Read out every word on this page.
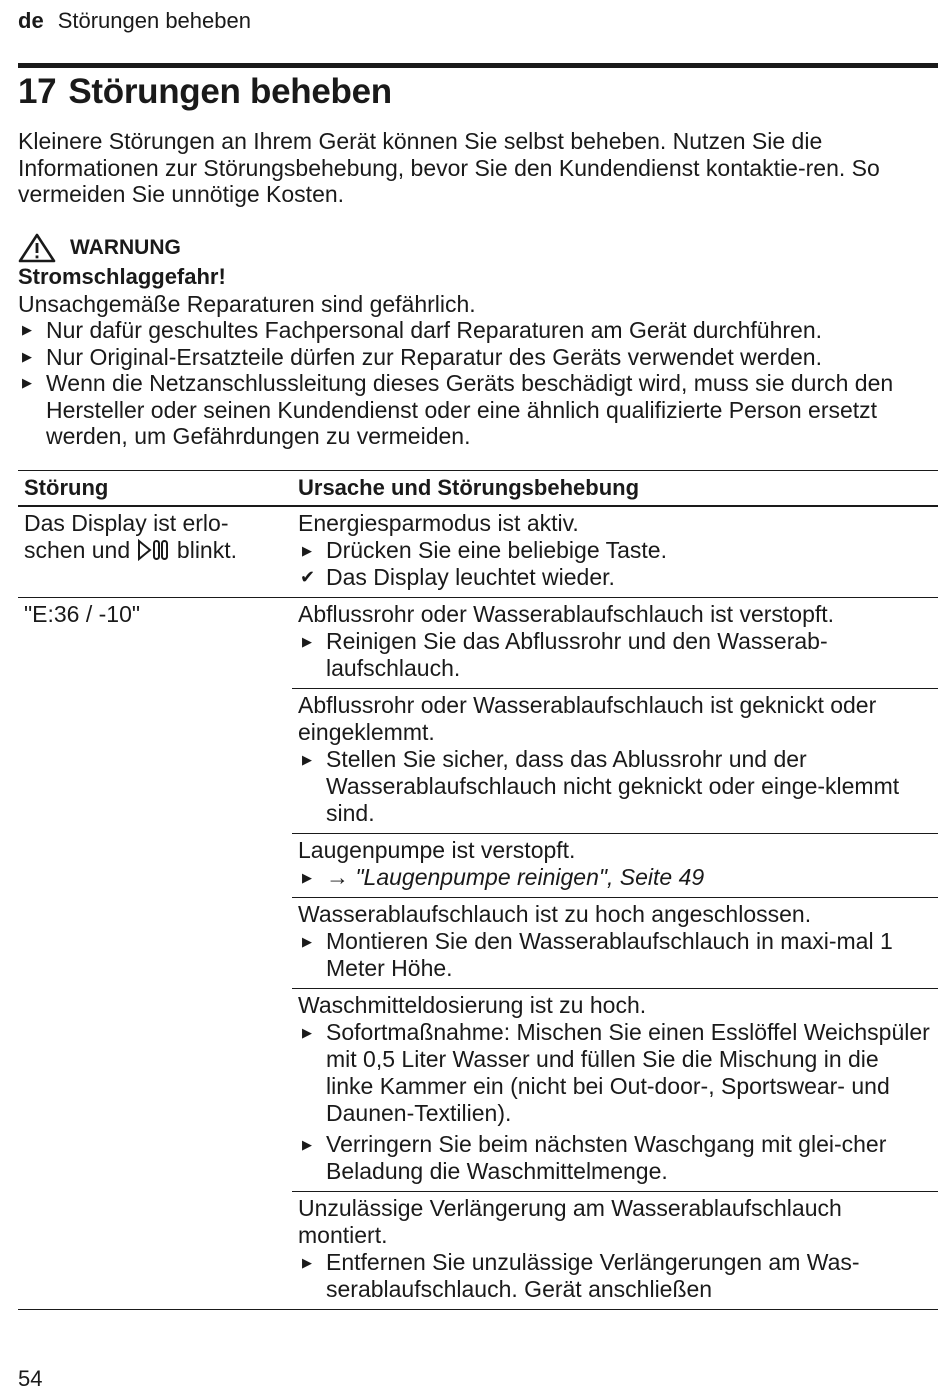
de Störungen beheben
17 Störungen beheben

Kleinere Störungen an Ihrem Gerät können Sie selbst beheben. Nutzen Sie die Informationen zur Störungsbehebung, bevor Sie den Kundendienst kontaktie-ren. So vermeiden Sie unnötige Kosten.

WARNUNG
Stromschlaggefahr!
Unsachgemäße Reparaturen sind gefährlich.
▶ Nur dafür geschultes Fachpersonal darf Reparaturen am Gerät durchführen.
▶ Nur Original-Ersatzteile dürfen zur Reparatur des Geräts verwendet werden.
▶ Wenn die Netzanschlussleitung dieses Geräts beschädigt wird, muss sie durch den Hersteller oder seinen Kundendienst oder eine ähnlich qualifizierte Person ersetzt werden, um Gefährdungen zu vermeiden.
Störung	Ursache und Störungsbehebung
Das Display ist erlo-schen und blinkt.	Energiesparmodus ist aktiv.
▶ Drücken Sie eine beliebige Taste.
✔ Das Display leuchtet wieder.

"E:36 / -10"	Abflussrohr oder Wasserablaufschlauch ist verstopft.
▶ Reinigen Sie das Abflussrohr und den Wasserab-laufschlauch.

	Abflussrohr oder Wasserablaufschlauch ist geknickt oder eingeklemmt.
▶ Stellen Sie sicher, dass das Ablussrohr und der Wasserablaufschlauch nicht geknickt oder einge-klemmt sind.

	Laugenpumpe ist verstopft.
▶ → "Laugenpumpe reinigen", Seite 49

	Wasserablaufschlauch ist zu hoch angeschlossen.
▶ Montieren Sie den Wasserablaufschlauch in maxi-mal 1 Meter Höhe.

	Waschmitteldosierung ist zu hoch.
▶ Sofortmaßnahme: Mischen Sie einen Esslöffel Weichspüler mit 0,5 Liter Wasser und füllen Sie die Mischung in die linke Kammer ein (nicht bei Out-door-, Sportswear- und Daunen-Textilien).
▶ Verringern Sie beim nächsten Waschgang mit glei-cher Beladung die Waschmittelmenge.

	Unzulässige Verlängerung am Wasserablaufschlauch montiert.
▶ Entfernen Sie unzulässige Verlängerungen am Was-serablaufschlauch. Gerät anschließen
54
